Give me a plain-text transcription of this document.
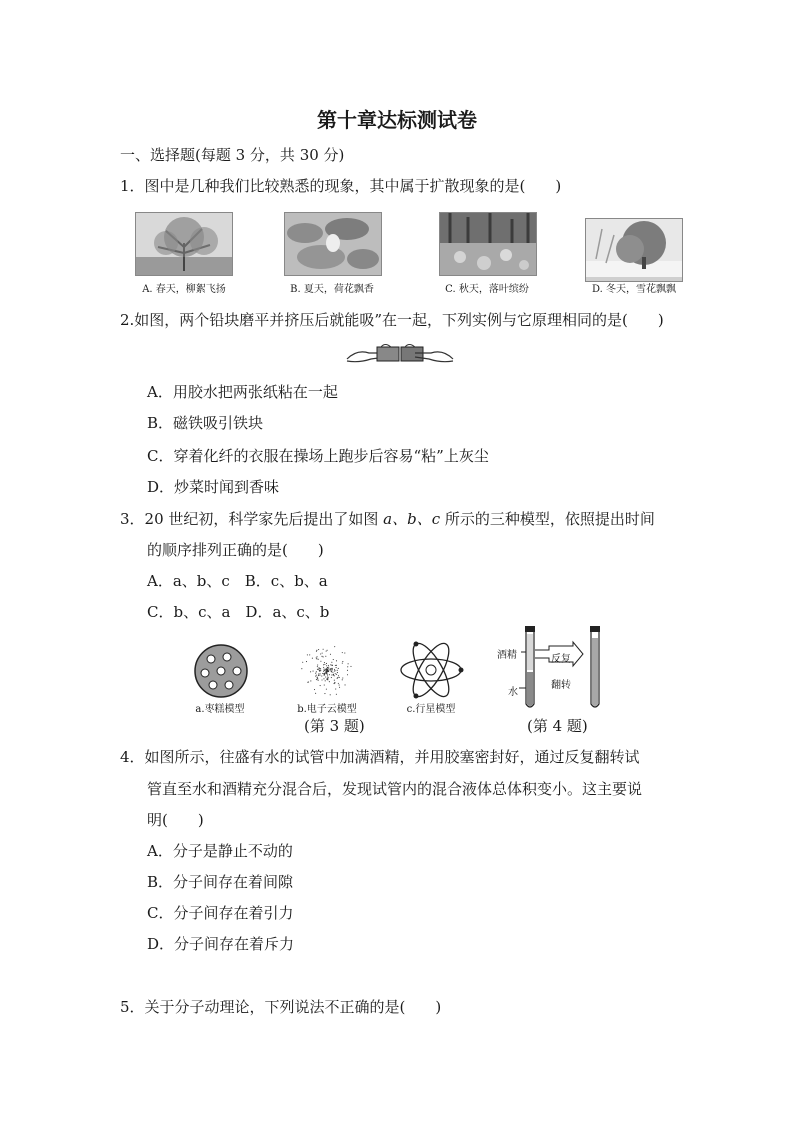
第十章达标测试卷
一、选择题(每题 3 分，共 30 分)
1．图中是几种我们比较熟悉的现象，其中属于扩散现象的是(　　)
A. 春天，柳絮飞扬	B. 夏天，荷花飘香	C. 秋天，落叶缤纷	D. 冬天，雪花飘飘
2.如图，两个铅块磨平并挤压后就能吸”在一起，下列实例与它原理相同的是(　　)
A．用胶水把两张纸粘在一起
B．磁铁吸引铁块
C．穿着化纤的衣服在操场上跑步后容易“粘”上灰尘
D．炒菜时闻到香味
3．20 世纪初，科学家先后提出了如图 a、b、c 所示的三种模型，依照提出时间
的顺序排列正确的是(　　)
A．a、b、c　B．c、b、a
C．b、c、a　D．a、c、b
a.枣糕模型	b.电子云模型	c.行星模型
(第 3 题)
酒精
水
反复
翻转
(第 4 题)
4．如图所示，往盛有水的试管中加满酒精，并用胶塞密封好，通过反复翻转试
管直至水和酒精充分混合后，发现试管内的混合液体总体积变小。这主要说
明(　　)
A．分子是静止不动的
B．分子间存在着间隙
C．分子间存在着引力
D．分子间存在着斥力
5．关于分子动理论，下列说法不正确的是(　　)
